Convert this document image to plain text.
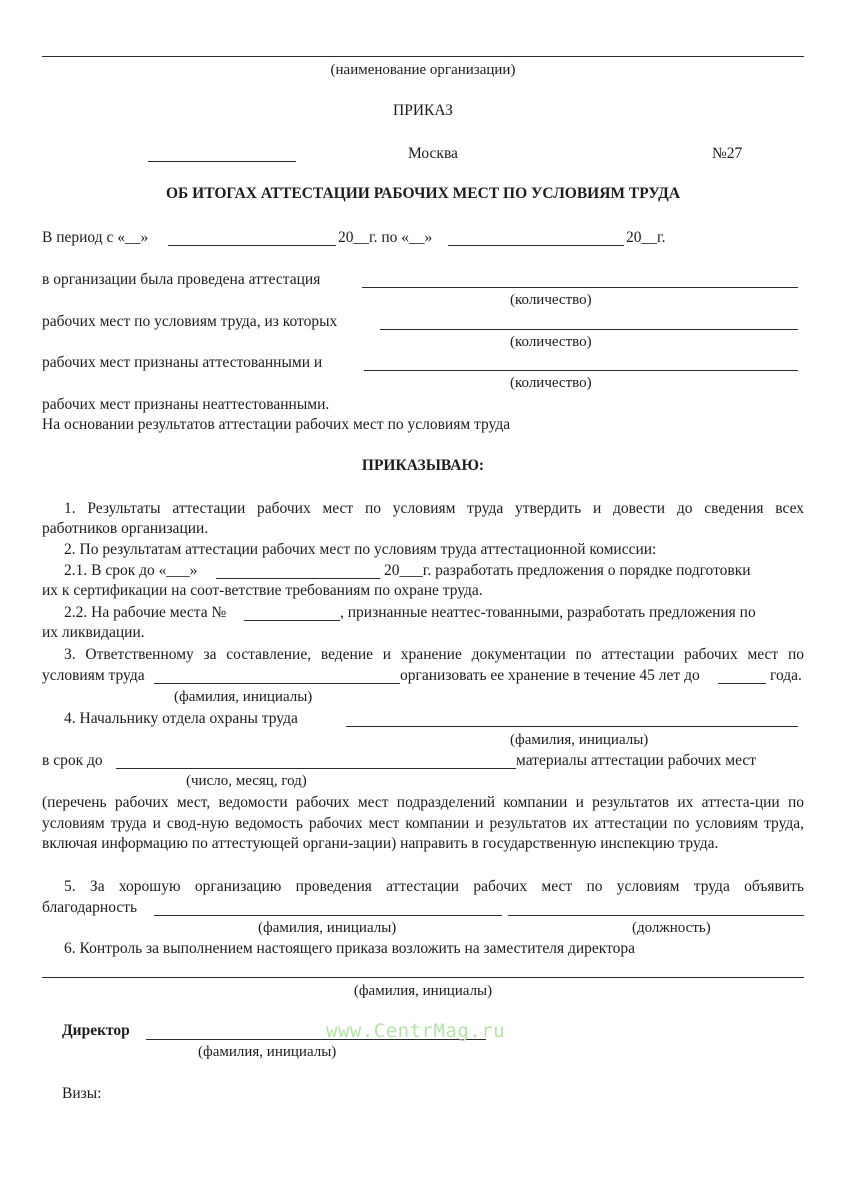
(наименование организации)
ПРИКАЗ
Москва	№27
ОБ ИТОГАХ АТТЕСТАЦИИ РАБОЧИХ МЕСТ ПО УСЛОВИЯМ ТРУДА
В период с «__»	20__г. по «__»	20__г.
в организации была проведена аттестация
(количество)
рабочих мест по условиям труда, из которых
(количество)
рабочих мест признаны аттестованными и
(количество)
рабочих мест признаны неаттестованными.
На основании результатов аттестации рабочих мест по условиям труда
ПРИКАЗЫВАЮ:
1. Результаты аттестации рабочих мест по условиям труда утвердить и довести до сведения всех
работников организации.
2. По результатам аттестации рабочих мест по условиям труда аттестационной комиссии:
2.1. В срок до «___»	20___г. разработать предложения о порядке подготовки
их к сертификации на соот-ветствие требованиям по охране труда.
2.2. На рабочие места №	, признанные неаттес-тованными, разработать предложения по
их ликвидации.
3. Ответственному за составление, ведение и хранение документации по аттестации рабочих мест по
условиям труда	организовать ее хранение в течение 45 лет до	года.
(фамилия, инициалы)
4. Начальнику отдела охраны труда
(фамилия, инициалы)
в срок до	материалы аттестации рабочих мест
(число, месяц, год)
(перечень рабочих мест, ведомости рабочих мест подразделений компании и результатов их аттеста-ции по условиям труда и свод-ную ведомость рабочих мест компании и результатов их аттестации по условиям труда, включая информацию по аттестующей органи-зации) направить в государственную инспекцию труда.
5. За хорошую организацию проведения аттестации рабочих мест по условиям труда объявить
благодарность
(фамилия, инициалы)	(должность)
6. Контроль за выполнением настоящего приказа возложить на заместителя директора
(фамилия, инициалы)
Директор	www.CentrMag.ru
(фамилия, инициалы)
Визы:
